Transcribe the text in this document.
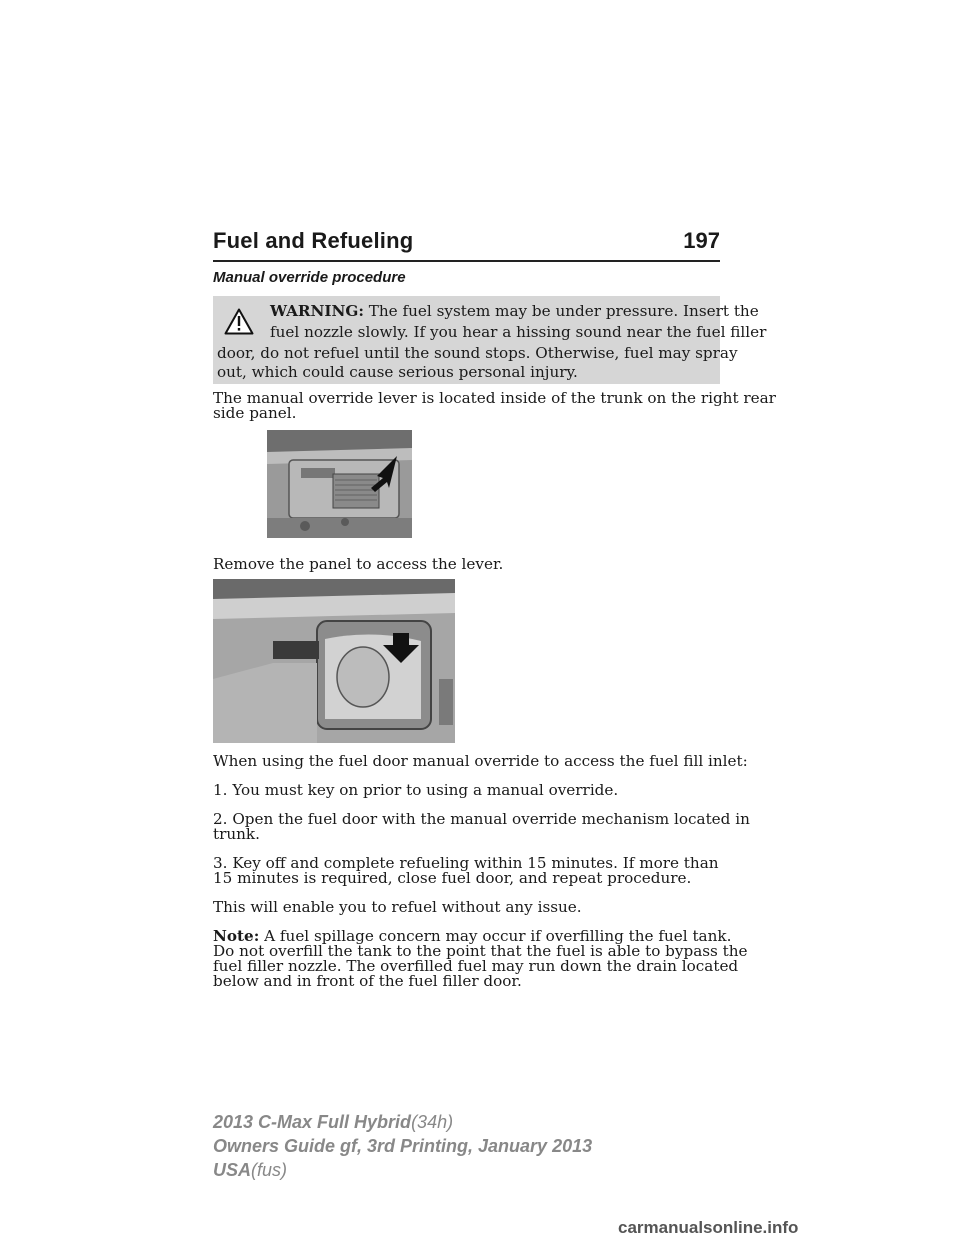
Fuel and Refueling	197
Manual override procedure
WARNING: The fuel system may be under pressure. Insert the
fuel nozzle slowly. If you hear a hissing sound near the fuel filler
door, do not refuel until the sound stops. Otherwise, fuel may spray
out, which could cause serious personal injury.
The manual override lever is located inside of the trunk on the right rear
side panel.
Remove the panel to access the lever.
When using the fuel door manual override to access the fuel fill inlet:
1. You must key on prior to using a manual override.
2. Open the fuel door with the manual override mechanism located in
trunk.
3. Key off and complete refueling within 15 minutes. If more than
15 minutes is required, close fuel door, and repeat procedure.
This will enable you to refuel without any issue.
Note: A fuel spillage concern may occur if overfilling the fuel tank.
Do not overfill the tank to the point that the fuel is able to bypass the
fuel filler nozzle. The overfilled fuel may run down the drain located
below and in front of the fuel filler door.
2013 C-Max Full Hybrid(34h)
Owners Guide gf, 3rd Printing, January 2013
USA(fus)
carmanualsonline.info
